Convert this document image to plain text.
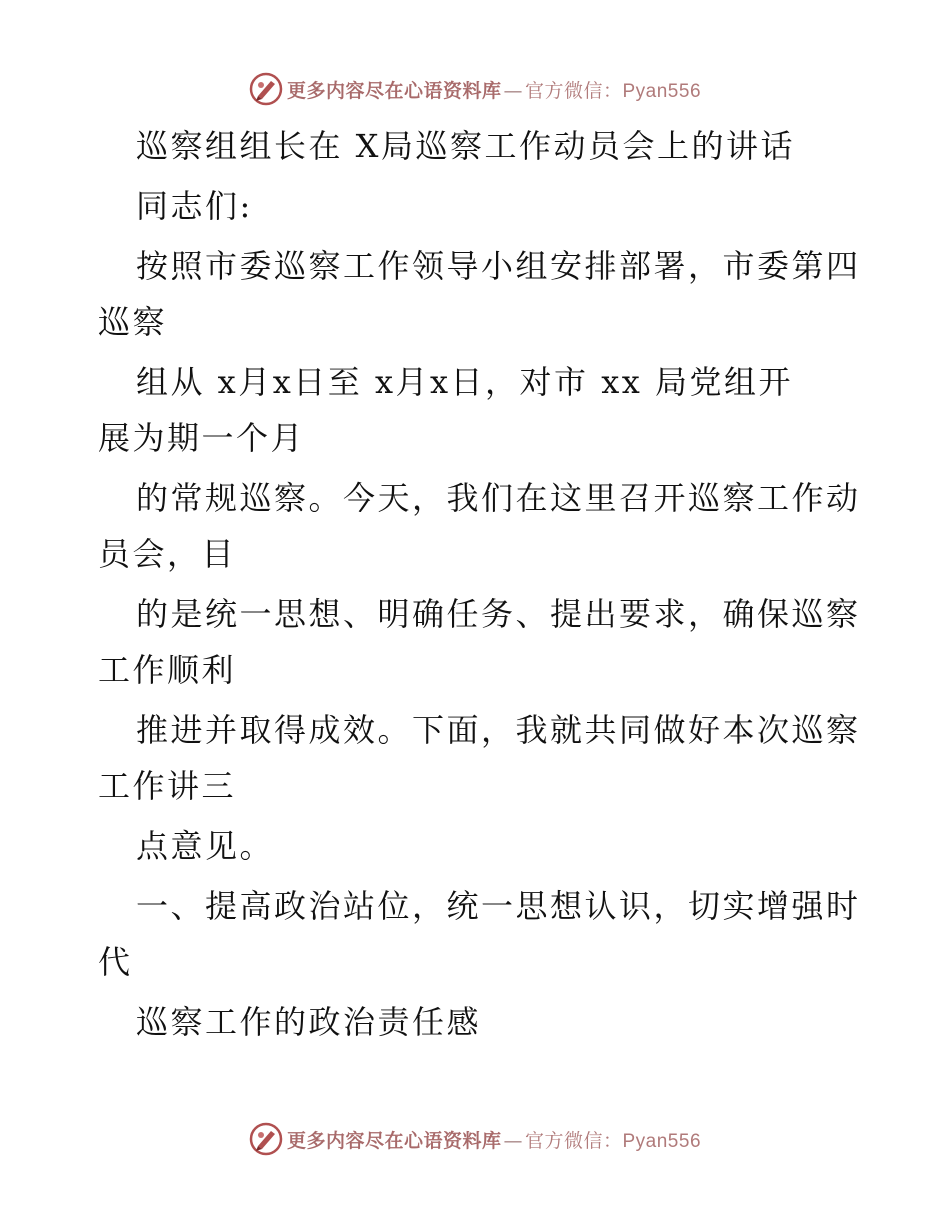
更多内容尽在心语资料库 — 官方微信：Pyan556
巡察组组长在 X局巡察工作动员会上的讲话
同志们:
按照市委巡察工作领导小组安排部署，市委第四
巡察
组从 x月x日至 x月x日，对市 xx 局党组开
展为期一个月
的常规巡察。今天，我们在这里召开巡察工作动
员会，目
的是统一思想、明确任务、提出要求，确保巡察
工作顺利
推进并取得成效。下面，我就共同做好本次巡察
工作讲三
点意见。
一、提高政治站位，统一思想认识，切实增强时
代
巡察工作的政治责任感
更多内容尽在心语资料库 — 官方微信：Pyan556
